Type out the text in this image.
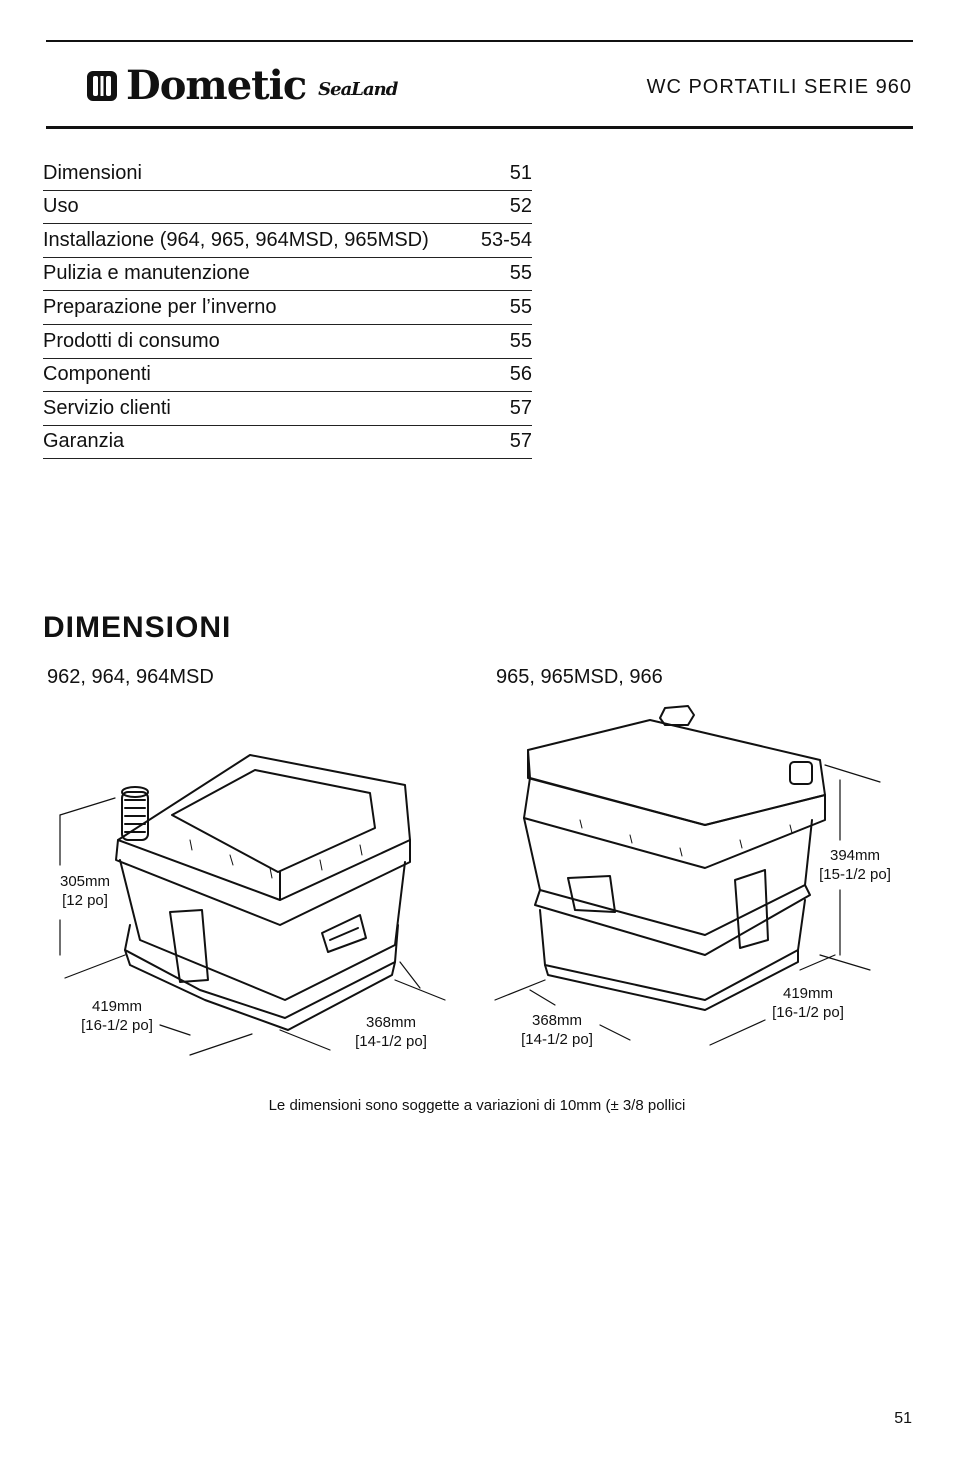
Dometic SeaLand	WC PORTATILI SERIE 960
Dimensioni	51
Uso	52
Installazione (964, 965, 964MSD, 965MSD)	53-54
Pulizia e manutenzione	55
Preparazione per l’inverno	55
Prodotti di consumo	55
Componenti	56
Servizio clienti	57
Garanzia	57
DIMENSIONI
962, 964, 964MSD	965, 965MSD, 966
305mm
[12 po]
419mm
[16-1/2 po]	368mm
[14-1/2 po]
394mm
[15-1/2 po]
368mm
[14-1/2 po]
419mm
[16-1/2 po]
Le dimensioni sono soggette a variazioni di 10mm (± 3/8 pollici
51
